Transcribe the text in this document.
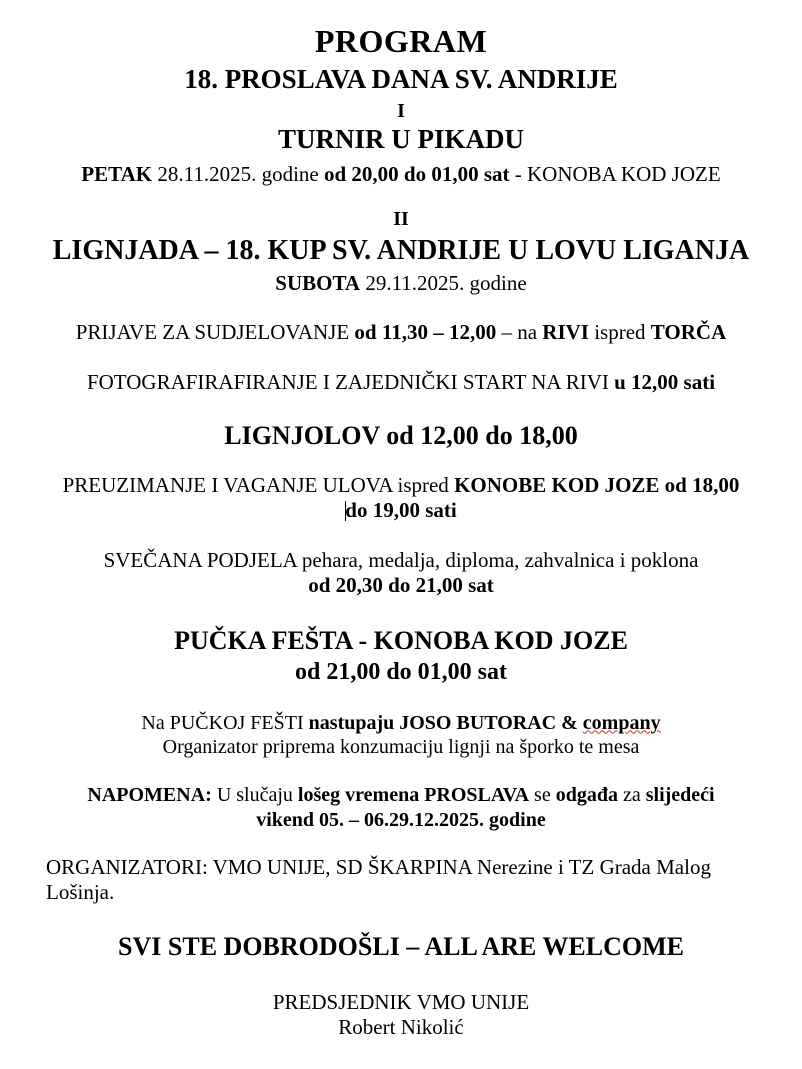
PROGRAM
18. PROSLAVA DANA SV. ANDRIJE
I
TURNIR U PIKADU
PETAK 28.11.2025. godine od 20,00 do 01,00 sat - KONOBA KOD JOZE
II
LIGNJADA – 18. KUP SV. ANDRIJE U LOVU LIGANJA
SUBOTA 29.11.2025. godine
PRIJAVE ZA SUDJELOVANJE od 11,30 – 12,00 – na RIVI ispred TORČA
FOTOGRAFIRAFIRANJE I ZAJEDNIČKI START NA RIVI u 12,00 sati
LIGNJOLOV od 12,00 do 18,00
PREUZIMANJE I VAGANJE ULOVA ispred KONOBE KOD JOZE od 18,00
do 19,00 sati
SVEČANA PODJELA pehara, medalja, diploma, zahvalnica i poklona
od 20,30 do 21,00 sat
PUČKA FEŠTA - KONOBA KOD JOZE
od 21,00 do 01,00 sat
Na PUČKOJ FEŠTI nastupaju JOSO BUTORAC & company
Organizator priprema konzumaciju lignji na šporko te mesa
NAPOMENA: U slučaju lošeg vremena PROSLAVA se odgađa za slijedeći
vikend 05. – 06.29.12.2025. godine
ORGANIZATORI: VMO UNIJE, SD ŠKARPINA Nerezine i TZ Grada Malog Lošinja.
SVI STE DOBRODOŠLI – ALL ARE WELCOME
PREDSJEDNIK VMO UNIJE
Robert Nikolić
